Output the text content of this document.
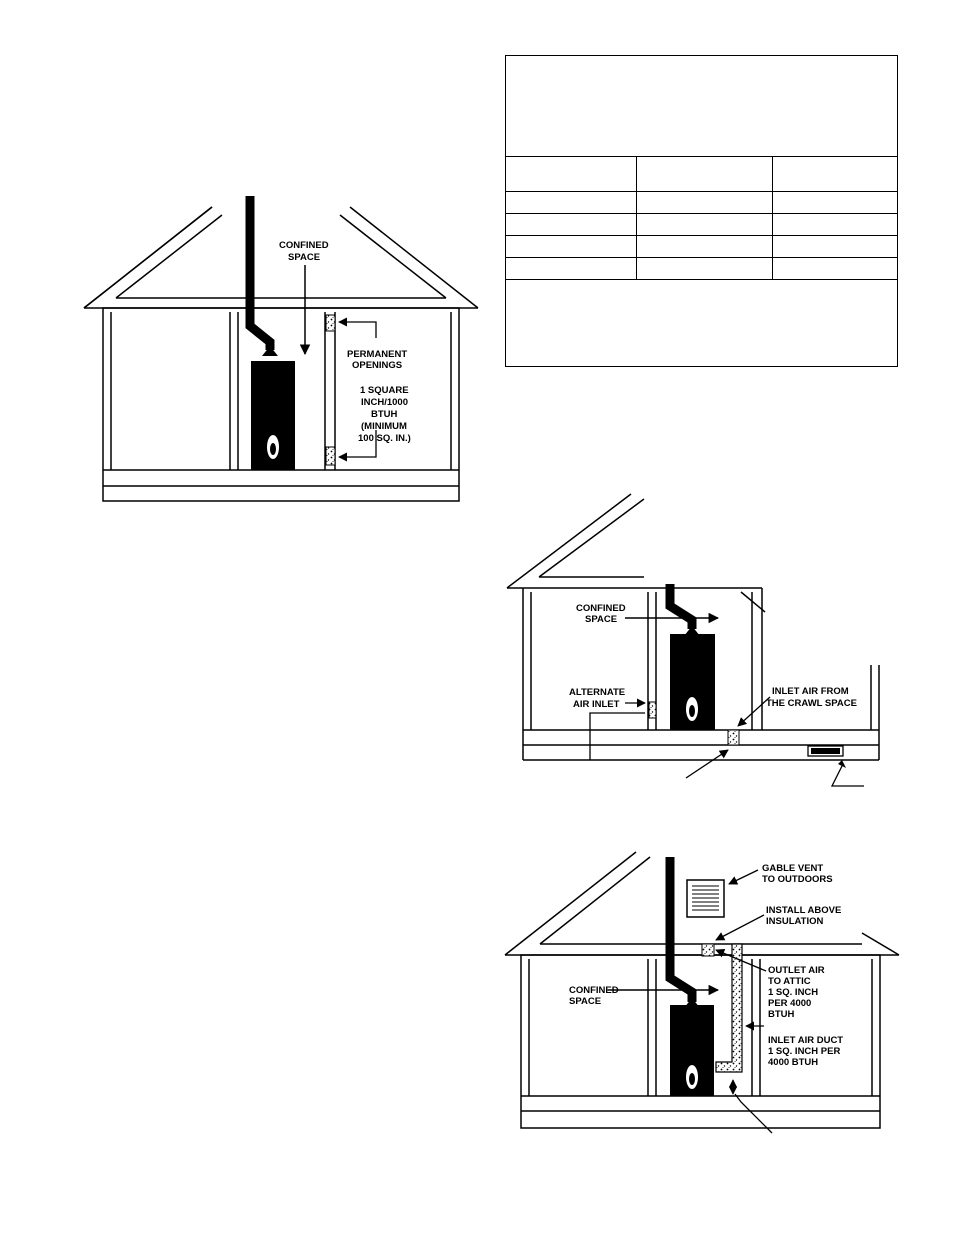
CONFINED
SPACE
PERMANENT
OPENINGS
1 SQUARE
INCH/1000
BTUH
(MINIMUM
100 SQ. IN.)
CONFINED
SPACE
ALTERNATE
AIR INLET
INLET AIR FROM
THE CRAWL SPACE
GABLE VENT
TO OUTDOORS
INSTALL ABOVE
INSULATION
OUTLET AIR
TO ATTIC
1 SQ. INCH
PER 4000
BTUH
CONFINED
SPACE
INLET AIR DUCT
1 SQ. INCH PER
4000 BTUH
